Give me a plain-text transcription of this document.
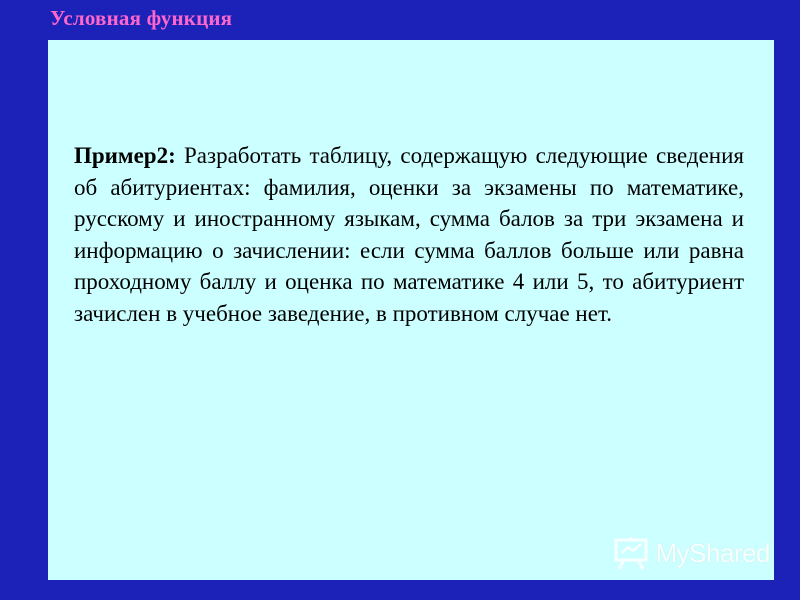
Условная функция
Пример2: Разработать таблицу, содержащую следующие сведения об абитуриентах: фамилия, оценки за экзамены по математике, русскому и иностранному языкам, сумма балов за три экзамена и информацию о зачислении: если сумма баллов больше или равна проходному баллу и оценка по математике 4 или 5, то абитуриент зачислен в учебное заведение, в противном случае нет.
MyShared
